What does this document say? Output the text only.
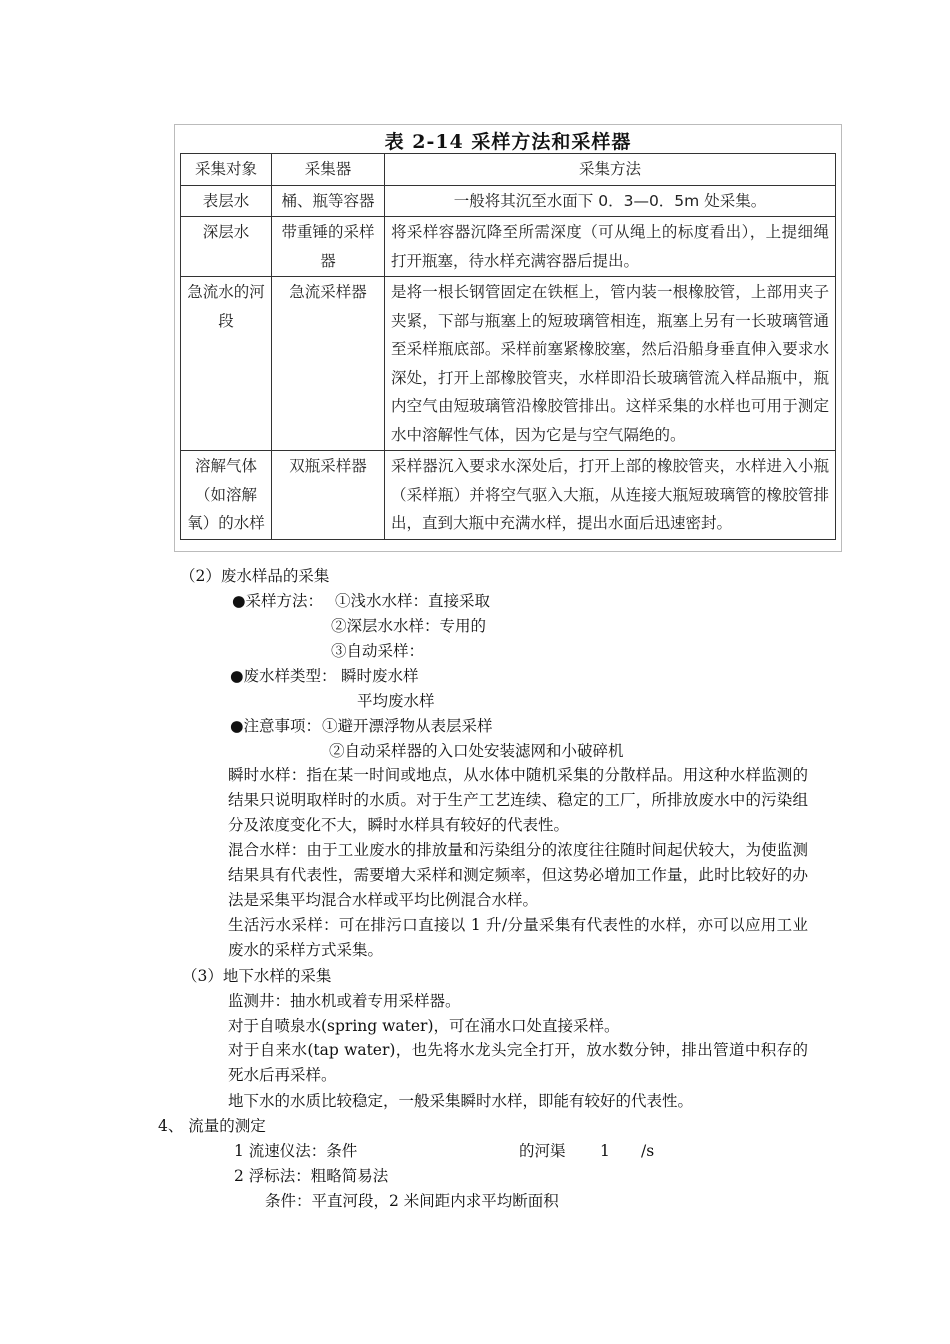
表 2-14 采样方法和采样器
采集对象	采集器	采集方法
表层水	桶、瓶等容器	一般将其沉至水面下 0．3—0．5m 处采集。
深层水	带重锤的采样器	将采样容器沉降至所需深度（可从绳上的标度看出），上提细绳打开瓶塞，待水样充满容器后提出。
急流水的河段	急流采样器	是将一根长钢管固定在铁框上，管内装一根橡胶管，上部用夹子夹紧，下部与瓶塞上的短玻璃管相连，瓶塞上另有一长玻璃管通至采样瓶底部。采样前塞紧橡胶塞，然后沿船身垂直伸入要求水深处，打开上部橡胶管夹，水样即沿长玻璃管流入样品瓶中，瓶内空气由短玻璃管沿橡胶管排出。这样采集的水样也可用于测定水中溶解性气体，因为它是与空气隔绝的。
溶解气体（如溶解氧）的水样	双瓶采样器	采样器沉入要求水深处后，打开上部的橡胶管夹，水样进入小瓶（采样瓶）并将空气驱入大瓶，从连接大瓶短玻璃管的橡胶管排出，直到大瓶中充满水样，提出水面后迅速密封。
（2）废水样品的采集
●采样方法： ①浅水水样：直接采取
②深层水水样：专用的
③自动采样：
●废水样类型： 瞬时废水样
平均废水样
●注意事项： ①避开漂浮物从表层采样
②自动采样器的入口处安装滤网和小破碎机
瞬时水样：指在某一时间或地点，从水体中随机采集的分散样品。用这种水样监测的结果只说明取样时的水质。对于生产工艺连续、稳定的工厂，所排放废水中的污染组分及浓度变化不大，瞬时水样具有较好的代表性。
混合水样：由于工业废水的排放量和污染组分的浓度往往随时间起伏较大，为使监测结果具有代表性，需要增大采样和测定频率，但这势必增加工作量，此时比较好的办法是采集平均混合水样或平均比例混合水样。
生活污水采样：可在排污口直接以 1 升/分量采集有代表性的水样，亦可以应用工业废水的采样方式采集。
（3）地下水样的采集
监测井：抽水机或着专用采样器。
对于自喷泉水(spring water)，可在涌水口处直接采样。
对于自来水(tap water)，也先将水龙头完全打开，放水数分钟，排出管道中积存的死水后再采样。
地下水的水质比较稳定，一般采集瞬时水样，即能有较好的代表性。
4、 流量的测定
1 流速仪法：条件	的河渠 1 /s
2 浮标法：粗略简易法
条件：平直河段，2 米间距内求平均断面积
